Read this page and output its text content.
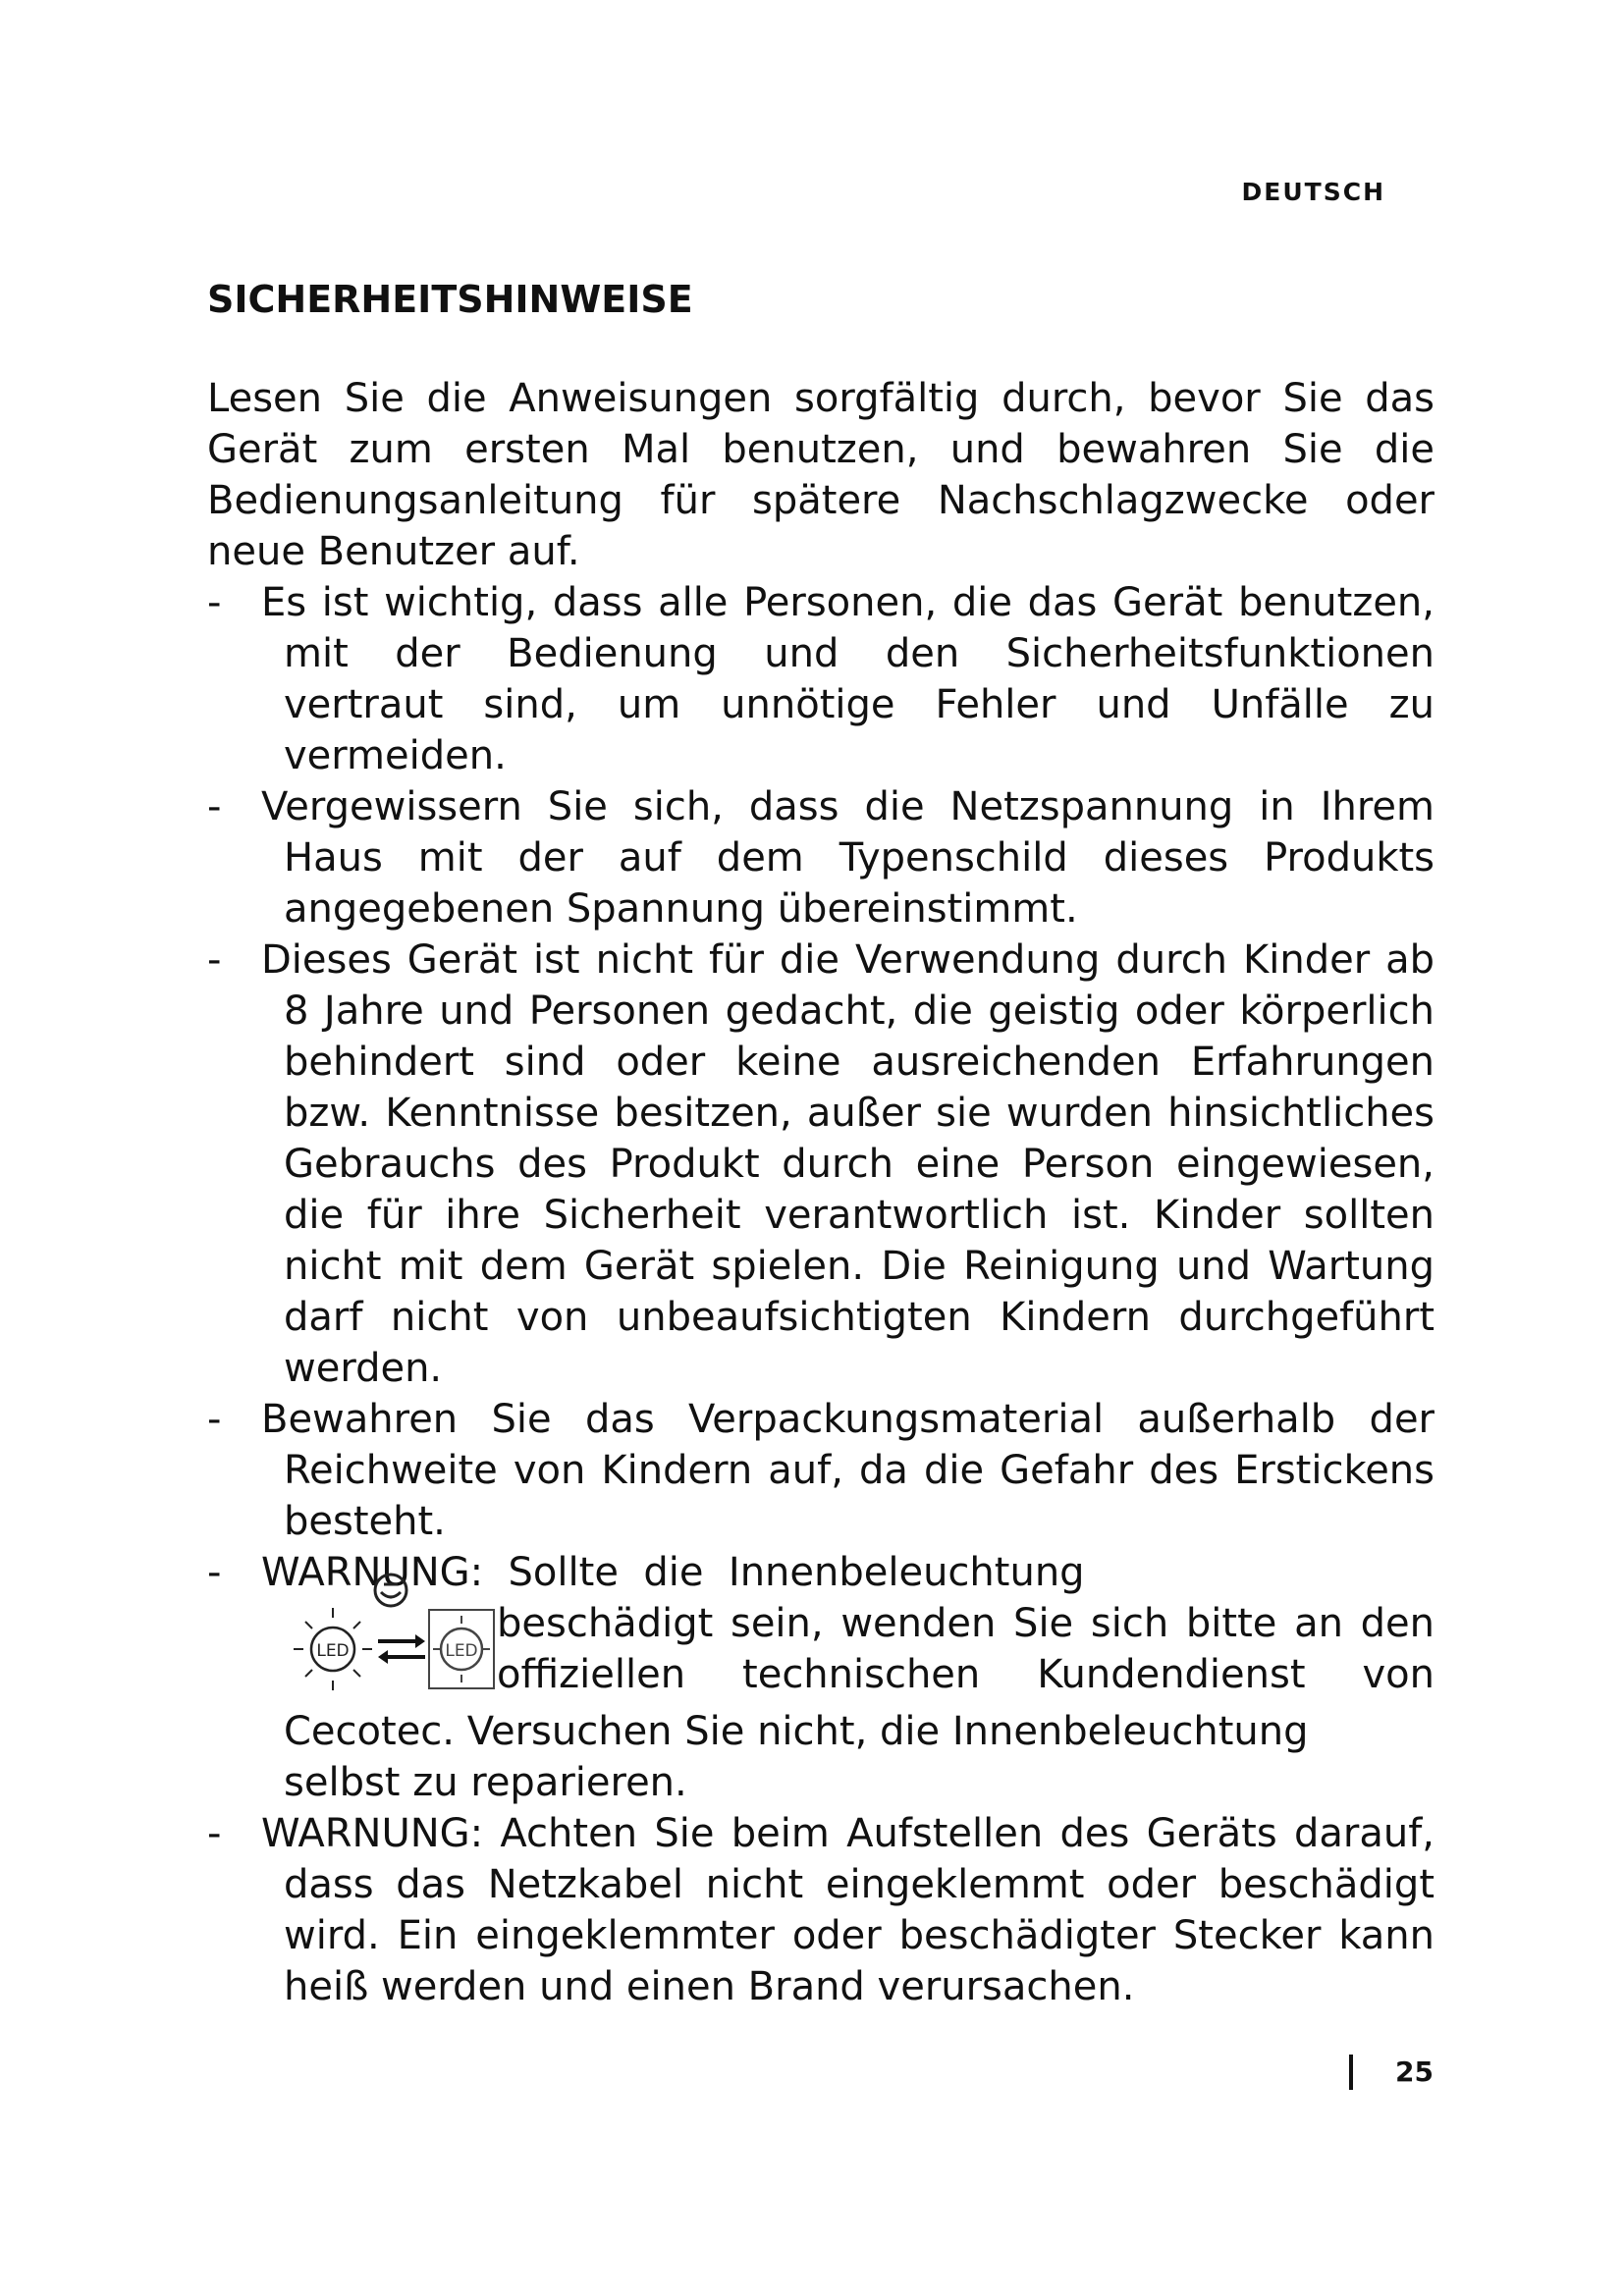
DEUTSCH
SICHERHEITSHINWEISE

Lesen Sie die Anweisungen sorgfältig durch, bevor Sie das Gerät zum ersten Mal benutzen, und bewahren Sie die Bedienungsanleitung für spätere Nachschlagzwecke oder neue Benutzer auf.

- Es ist wichtig, dass alle Personen, die das Gerät benutzen, mit der Bedienung und den Sicherheitsfunktionen vertraut sind, um unnötige Fehler und Unfälle zu vermeiden.
- Vergewissern Sie sich, dass die Netzspannung in Ihrem Haus mit der auf dem Typenschild dieses Produkts angegebenen Spannung übereinstimmt.
- Dieses Gerät ist nicht für die Verwendung durch Kinder ab 8 Jahre und Personen gedacht, die geistig oder körperlich behindert sind oder keine ausreichenden Erfahrungen bzw. Kenntnisse besitzen, außer sie wurden hinsichtliches Gebrauchs des Produkt durch eine Person eingewiesen, die für ihre Sicherheit verantwortlich ist. Kinder sollten nicht mit dem Gerät spielen. Die Reinigung und Wartung darf nicht von unbeaufsichtigten Kindern durchgeführt werden.
- Bewahren Sie das Verpackungsmaterial außerhalb der Reichweite von Kindern auf, da die Gefahr des Erstickens besteht.
-	WARNUNG:  Sollte  die  Innenbeleuchtung
LED	LED
beschädigt sein, wenden Sie sich bitte an den offiziellen technischen Kundendienst von
Cecotec. Versuchen Sie nicht, die Innenbeleuchtung selbst zu reparieren.
- WARNUNG: Achten Sie beim Aufstellen des Geräts darauf, dass das Netzkabel nicht eingeklemmt oder beschädigt wird. Ein eingeklemmter oder beschädigter Stecker kann heiß werden und einen Brand verursachen.
25
